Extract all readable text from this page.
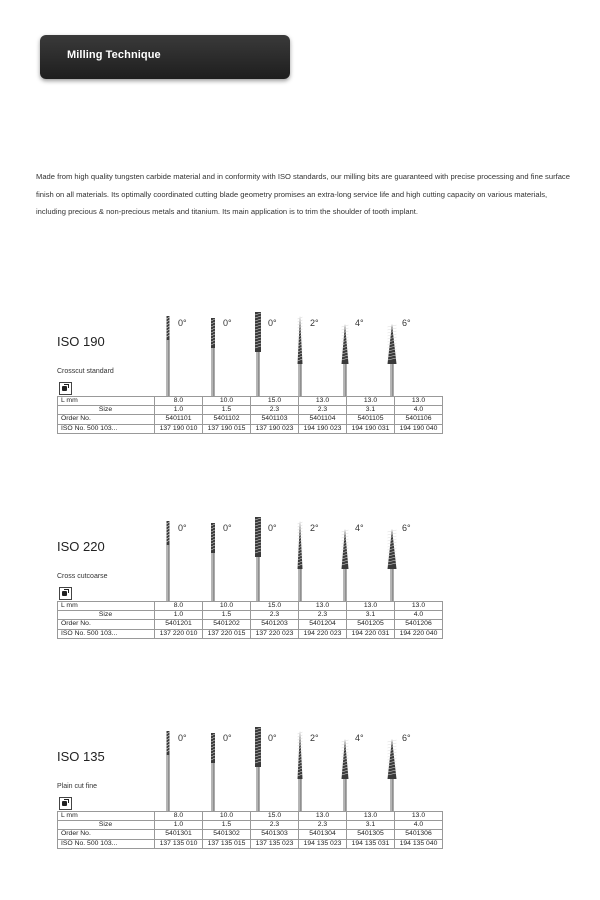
Milling Technique

Made from high quality tungsten carbide material and in conformity with ISO standards, our milling bits are guaranteed with precise processing and fine surface finish on all materials. Its optimally coordinated cutting blade geometry promises an extra-long service life and high cutting capacity on various materials, including precious & non-precious metals and titanium. Its main application is to trim the shoulder of tooth implant.

ISO 190
Crosscut standard
0°	0°	0°	2°	4°	6°
L mm	8.0	10.0	15.0	13.0	13.0	13.0
Size	1.0	1.5	2.3	2.3	3.1	4.0
Order No.	5401101	5401102	5401103	5401104	5401105	5401106
ISO No. 500 103...	137 190 010	137 190 015	137 190 023	194 190 023	194 190 031	194 190 040
ISO 220
Cross cutcoarse
0°	0°	0°	2°	4°	6°
L mm	8.0	10.0	15.0	13.0	13.0	13.0
Size	1.0	1.5	2.3	2.3	3.1	4.0
Order No.	5401201	5401202	5401203	5401204	5401205	5401206
ISO No. 500 103...	137 220 010	137 220 015	137 220 023	194 220 023	194 220 031	194 220 040
ISO 135
Plain cut fine
0°	0°	0°	2°	4°	6°
L mm	8.0	10.0	15.0	13.0	13.0	13.0
Size	1.0	1.5	2.3	2.3	3.1	4.0
Order No.	5401301	5401302	5401303	5401304	5401305	5401306
ISO No. 500 103...	137 135 010	137 135 015	137 135 023	194 135 023	194 135 031	194 135 040
